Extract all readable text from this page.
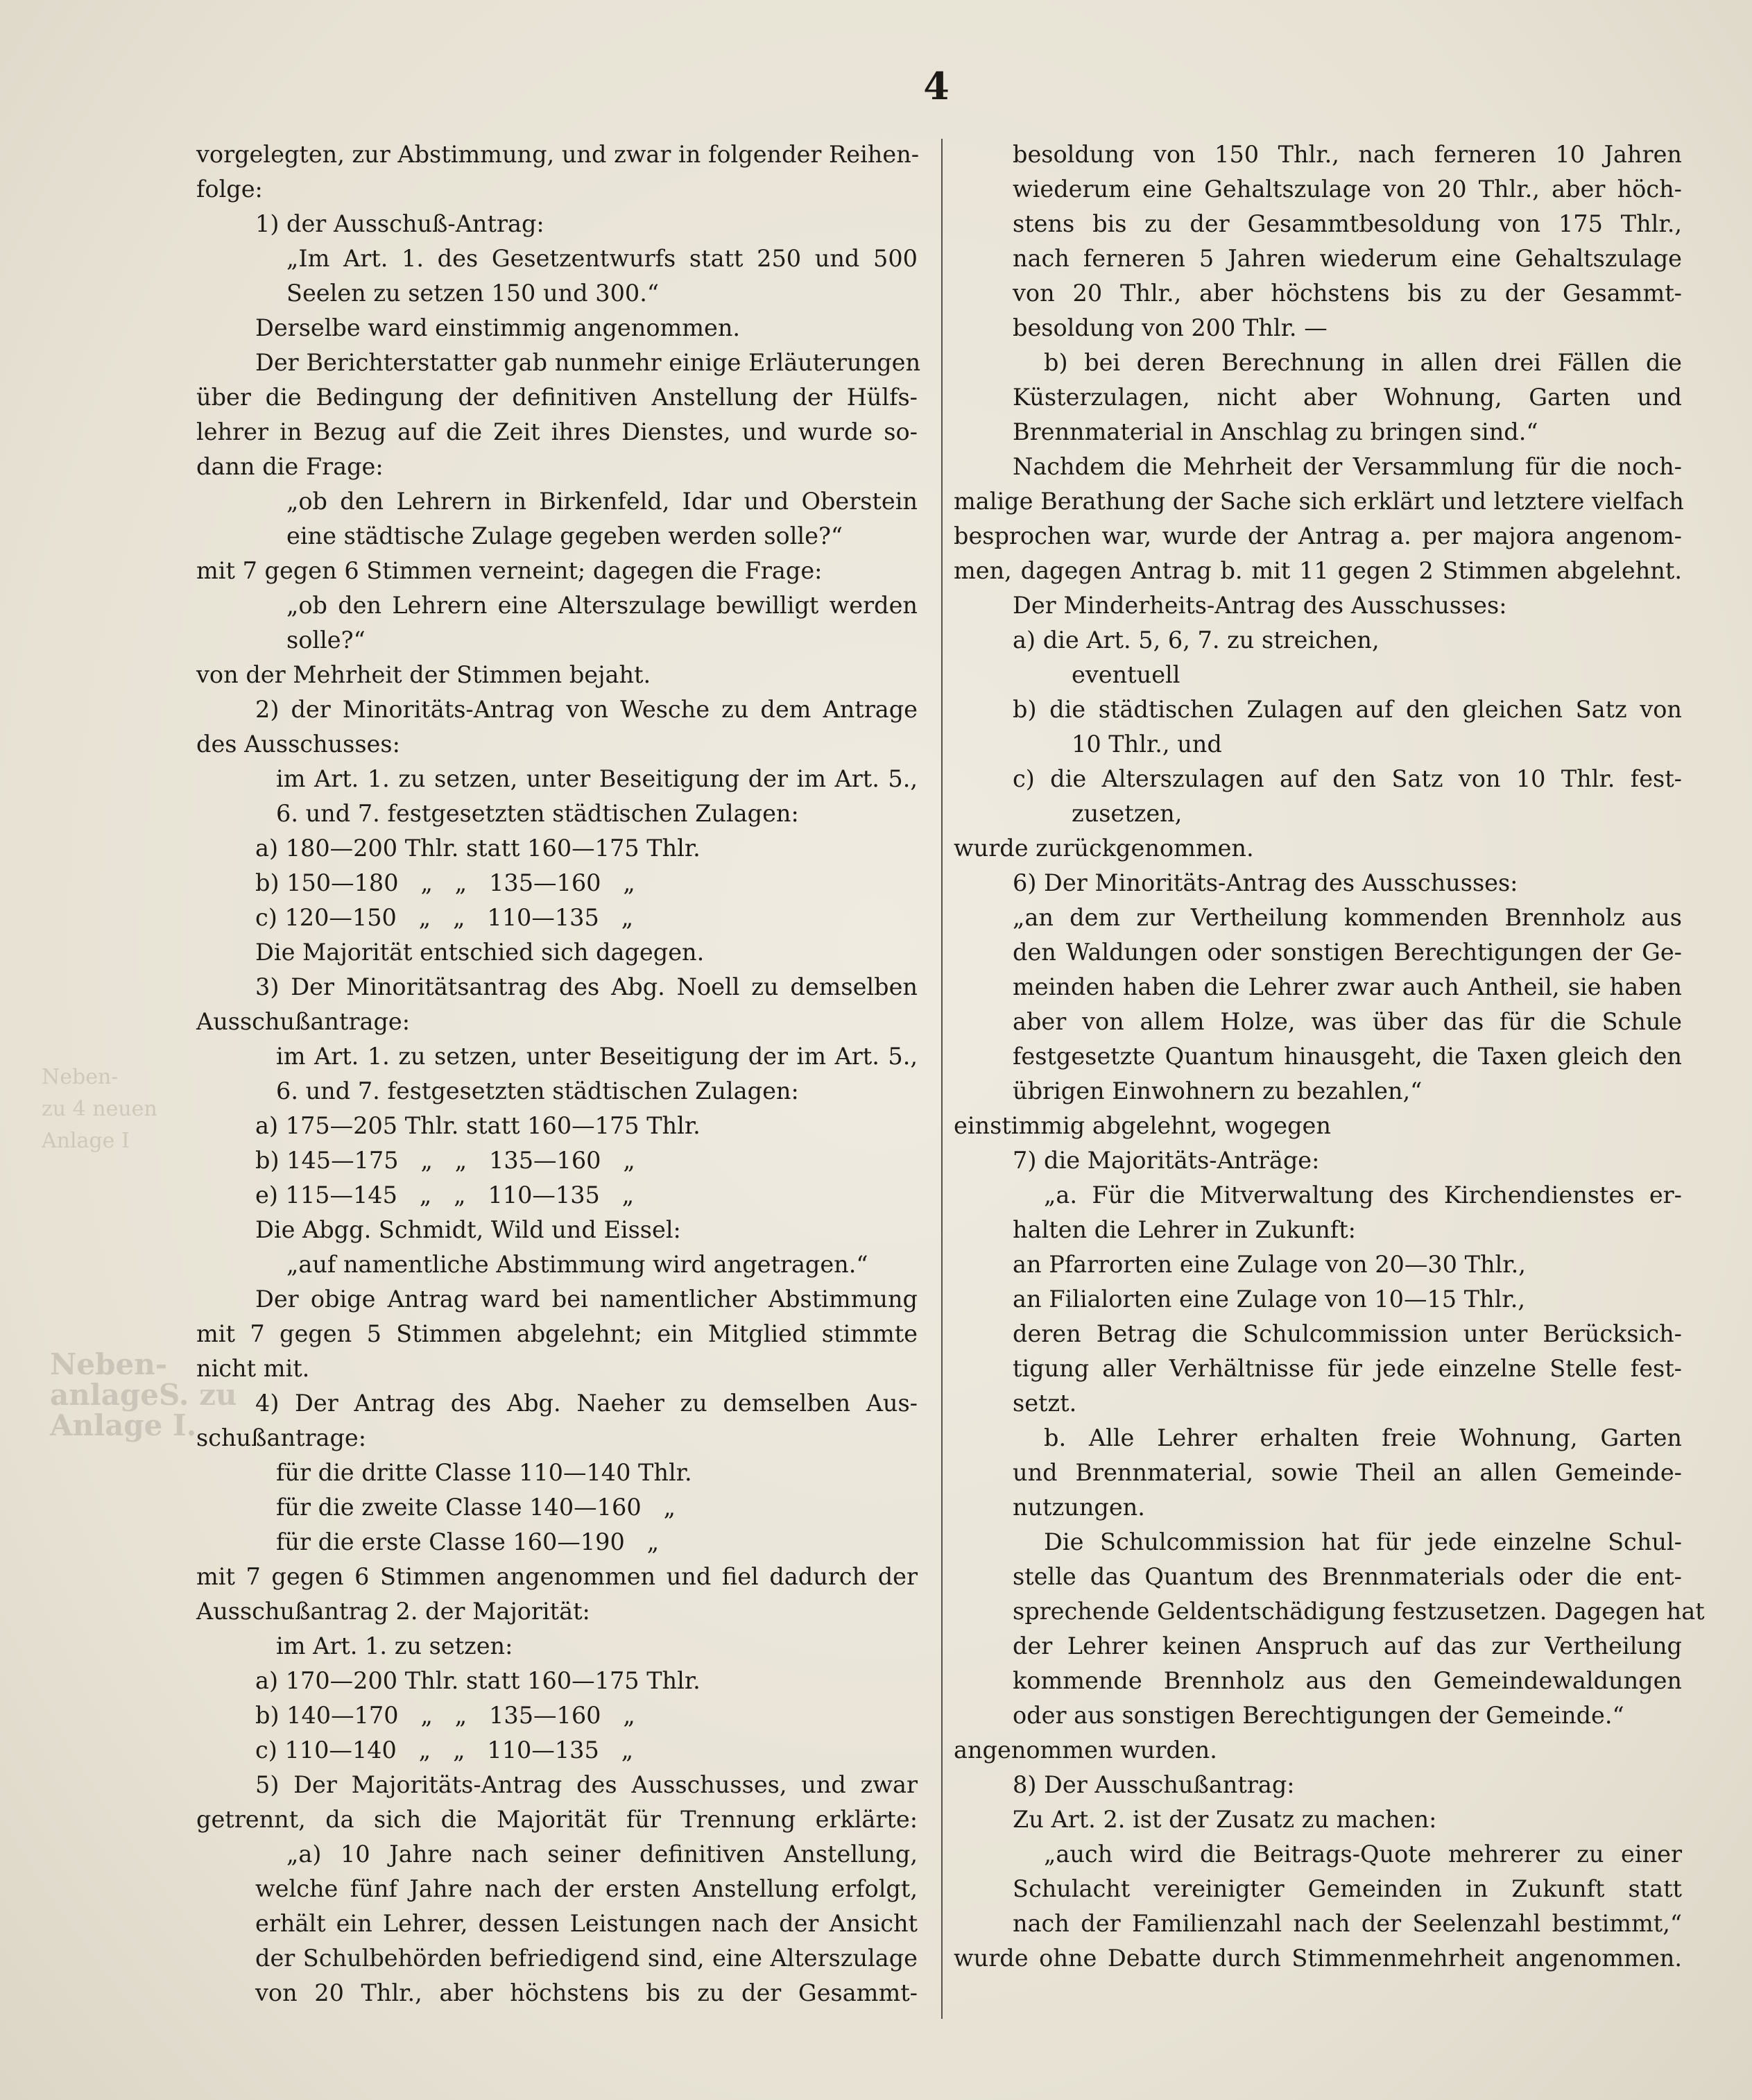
4
Neben-
zu 4 neuen
Anlage I
Neben-
anlageS. zu
Anlage I.
vorgelegten, zur Abstimmung, und zwar in folgender Reihen-
folge:
1) der Ausschuß-Antrag:
„Im Art. 1. des Gesetzentwurfs statt 250 und 500
Seelen zu setzen 150 und 300.“
Derselbe ward einstimmig angenommen.
Der Berichterstatter gab nunmehr einige Erläuterungen
über die Bedingung der definitiven Anstellung der Hülfs-
lehrer in Bezug auf die Zeit ihres Dienstes, und wurde so-
dann die Frage:
„ob den Lehrern in Birkenfeld, Idar und Oberstein
eine städtische Zulage gegeben werden solle?“
mit 7 gegen 6 Stimmen verneint; dagegen die Frage:
„ob den Lehrern eine Alterszulage bewilligt werden
solle?“
von der Mehrheit der Stimmen bejaht.
2) der Minoritäts-Antrag von Wesche zu dem Antrage
des Ausschusses:
im Art. 1. zu setzen, unter Beseitigung der im Art. 5.,
6. und 7. festgesetzten städtischen Zulagen:
a) 180—200 Thlr. statt 160—175 Thlr.
b) 150—180   „   „   135—160   „
c) 120—150   „   „   110—135   „
Die Majorität entschied sich dagegen.
3) Der Minoritätsantrag des Abg. Noell zu demselben
Ausschußantrage:
im Art. 1. zu setzen, unter Beseitigung der im Art. 5.,
6. und 7. festgesetzten städtischen Zulagen:
a) 175—205 Thlr. statt 160—175 Thlr.
b) 145—175   „   „   135—160   „
e) 115—145   „   „   110—135   „
Die Abgg. Schmidt, Wild und Eissel:
„auf namentliche Abstimmung wird angetragen.“
Der obige Antrag ward bei namentlicher Abstimmung
mit 7 gegen 5 Stimmen abgelehnt; ein Mitglied stimmte
nicht mit.
4) Der Antrag des Abg. Naeher zu demselben Aus-
schußantrage:
für die dritte Classe 110—140 Thlr.
für die zweite Classe 140—160   „
für die erste Classe 160—190   „
mit 7 gegen 6 Stimmen angenommen und fiel dadurch der
Ausschußantrag 2. der Majorität:
im Art. 1. zu setzen:
a) 170—200 Thlr. statt 160—175 Thlr.
b) 140—170   „   „   135—160   „
c) 110—140   „   „   110—135   „
5) Der Majoritäts-Antrag des Ausschusses, und zwar
getrennt, da sich die Majorität für Trennung erklärte:
„a) 10 Jahre nach seiner definitiven Anstellung,
welche fünf Jahre nach der ersten Anstellung erfolgt,
erhält ein Lehrer, dessen Leistungen nach der Ansicht
der Schulbehörden befriedigend sind, eine Alterszulage
von 20 Thlr., aber höchstens bis zu der Gesammt-
besoldung von 150 Thlr., nach ferneren 10 Jahren
wiederum eine Gehaltszulage von 20 Thlr., aber höch-
stens bis zu der Gesammtbesoldung von 175 Thlr.,
nach ferneren 5 Jahren wiederum eine Gehaltszulage
von 20 Thlr., aber höchstens bis zu der Gesammt-
besoldung von 200 Thlr. —
b) bei deren Berechnung in allen drei Fällen die
Küsterzulagen, nicht aber Wohnung, Garten und
Brennmaterial in Anschlag zu bringen sind.“
Nachdem die Mehrheit der Versammlung für die noch-
malige Berathung der Sache sich erklärt und letztere vielfach
besprochen war, wurde der Antrag a. per majora angenom-
men, dagegen Antrag b. mit 11 gegen 2 Stimmen abgelehnt.
Der Minderheits-Antrag des Ausschusses:
a) die Art. 5, 6, 7. zu streichen,
eventuell
b) die städtischen Zulagen auf den gleichen Satz von
10 Thlr., und
c) die Alterszulagen auf den Satz von 10 Thlr. fest-
zusetzen,
wurde zurückgenommen.
6) Der Minoritäts-Antrag des Ausschusses:
„an dem zur Vertheilung kommenden Brennholz aus
den Waldungen oder sonstigen Berechtigungen der Ge-
meinden haben die Lehrer zwar auch Antheil, sie haben
aber von allem Holze, was über das für die Schule
festgesetzte Quantum hinausgeht, die Taxen gleich den
übrigen Einwohnern zu bezahlen,“
einstimmig abgelehnt, wogegen
7) die Majoritäts-Anträge:
„a. Für die Mitverwaltung des Kirchendienstes er-
halten die Lehrer in Zukunft:
an Pfarrorten eine Zulage von 20—30 Thlr.,
an Filialorten eine Zulage von 10—15 Thlr.,
deren Betrag die Schulcommission unter Berücksich-
tigung aller Verhältnisse für jede einzelne Stelle fest-
setzt.
b. Alle Lehrer erhalten freie Wohnung, Garten
und Brennmaterial, sowie Theil an allen Gemeinde-
nutzungen.
Die Schulcommission hat für jede einzelne Schul-
stelle das Quantum des Brennmaterials oder die ent-
sprechende Geldentschädigung festzusetzen. Dagegen hat
der Lehrer keinen Anspruch auf das zur Vertheilung
kommende Brennholz aus den Gemeindewaldungen
oder aus sonstigen Berechtigungen der Gemeinde.“
angenommen wurden.
8) Der Ausschußantrag:
Zu Art. 2. ist der Zusatz zu machen:
„auch wird die Beitrags-Quote mehrerer zu einer
Schulacht vereinigter Gemeinden in Zukunft statt
nach der Familienzahl nach der Seelenzahl bestimmt,“
wurde ohne Debatte durch Stimmenmehrheit angenommen.
